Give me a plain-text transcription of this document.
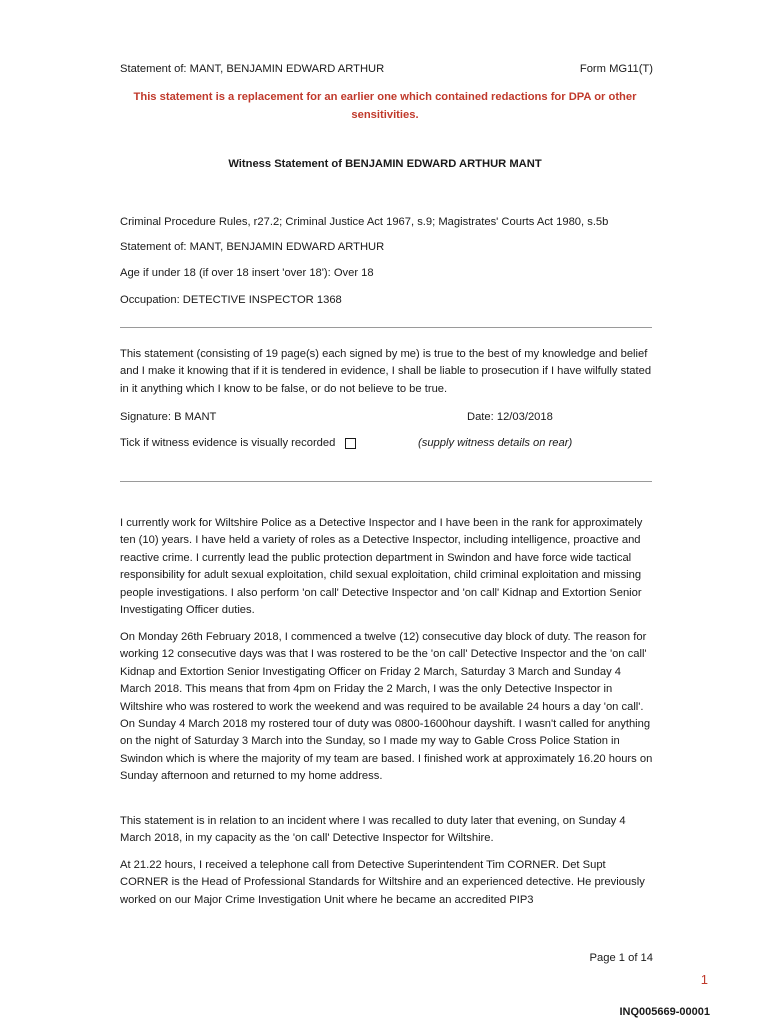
Statement of: MANT, BENJAMIN EDWARD ARTHUR	Form MG11(T)
This statement is a replacement for an earlier one which contained redactions for DPA or other
sensitivities.
Witness Statement of BENJAMIN EDWARD ARTHUR MANT
Criminal Procedure Rules, r27.2; Criminal Justice Act 1967, s.9; Magistrates' Courts Act 1980, s.5b
Statement of: MANT, BENJAMIN EDWARD ARTHUR
Age if under 18 (if over 18 insert 'over 18'): Over 18
Occupation: DETECTIVE INSPECTOR 1368
This statement (consisting of 19 page(s) each signed by me) is true to the best of my knowledge and belief and I make it knowing that if it is tendered in evidence, I shall be liable to prosecution if I have wilfully stated in it anything which I know to be false, or do not believe to be true.
Signature: B MANT	Date: 12/03/2018
Tick if witness evidence is visually recorded	(supply witness details on rear)
I currently work for Wiltshire Police as a Detective Inspector and I have been in the rank for approximately ten (10) years. I have held a variety of roles as a Detective Inspector, including intelligence, proactive and reactive crime. I currently lead the public protection department in Swindon and have force wide tactical responsibility for adult sexual exploitation, child sexual exploitation, child criminal exploitation and missing people investigations. I also perform 'on call' Detective Inspector and 'on call' Kidnap and Extortion Senior Investigating Officer duties.
On Monday 26th February 2018, I commenced a twelve (12) consecutive day block of duty. The reason for working 12 consecutive days was that I was rostered to be the 'on call' Detective Inspector and the 'on call' Kidnap and Extortion Senior Investigating Officer on Friday 2 March, Saturday 3 March and Sunday 4 March 2018. This means that from 4pm on Friday the 2 March, I was the only Detective Inspector in Wiltshire who was rostered to work the weekend and was required to be available 24 hours a day 'on call'. On Sunday 4 March 2018 my rostered tour of duty was 0800-1600hour dayshift. I wasn't called for anything on the night of Saturday 3 March into the Sunday, so I made my way to Gable Cross Police Station in Swindon which is where the majority of my team are based. I finished work at approximately 16.20 hours on Sunday afternoon and returned to my home address.
This statement is in relation to an incident where I was recalled to duty later that evening, on Sunday 4 March 2018, in my capacity as the 'on call' Detective Inspector for Wiltshire.
At 21.22 hours, I received a telephone call from Detective Superintendent Tim CORNER. Det Supt CORNER is the Head of Professional Standards for Wiltshire and an experienced detective. He previously worked on our Major Crime Investigation Unit where he became an accredited PIP3
Page 1 of 14
1
INQ005669-00001
